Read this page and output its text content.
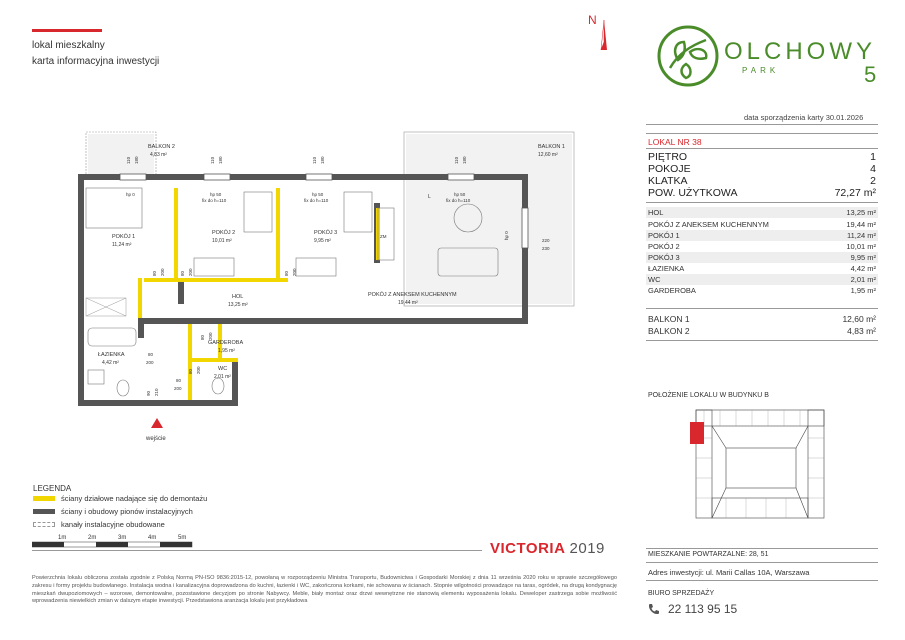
lokal mieszkalny
karta informacyjna inwestycji
N
OLCHOWY
PARK	5
data sporządzenia karty 30.01.2026
LOKAL NR 38
PIĘTRO	1
POKOJE	4
KLATKA	2
POW. UŻYTKOWA	72,27 m²
HOL	13,25 m²
POKÓJ Z ANEKSEM KUCHENNYM	19,44 m²
POKÓJ 1	11,24 m²
POKÓJ 2	10,01 m²
POKÓJ 3	9,95 m²
ŁAZIENKA	4,42 m²
WC	2,01 m²
GARDEROBA	1,95 m²
BALKON 1	12,60 m²
BALKON 2	4,83 m²
POŁOŻENIE LOKALU W BUDYNKU B
MIESZKANIE POWTARZALNE: 28, 51
Adres inwestycji: ul. Marii Callas 10A, Warszawa
BIURO SPRZEDAŻY
22 113 95 15
wejście
POKÓJ 1
11,24 m²
POKÓJ 2
10,01 m²
POKÓJ 3
9,95 m²
HOL
13,25 m²
POKÓJ Z ANEKSEM KUCHENNYM
19,44 m²
ŁAZIENKA
4,42 m²
GARDEROBA
1,95 m²
WC
2,01 m²
BALKON 2
4,83 m²
BALKON 1
12,60 m²
hp 0	hp 50
fix do h=110
hp 50
fix do h=110
hp 50
fix do h=110
ZM
L
hp 0
110 180	110 180	110 180	110 180
220
230
80 200	80 200	80 200
80 200
80
200
80
200
80 200
90 210
LEGENDA
ściany działowe nadające się do demontażu
ściany i obudowy pionów instalacyjnych
kanały instalacyjne obudowane
1m	2m	3m	4m	5m
VICTORIA 2019
Powierzchnia lokalu obliczona została zgodnie z Polską Normą PN-ISO 9836:2015-12, powołaną w rozporządzeniu Ministra Transportu, Budownictwa i Gospodarki Morskiej z dnia 11 września 2020 roku w sprawie szczegółowego zakresu i formy projektu budowlanego. Instalacja wodna i kanalizacyjna doprowadzona do kuchni, łazienki i WC, zakończona korkami, nie schowana w ścianach. Stopnie wilgotności prowadzące na taras, ogródek, na drugą kondygnację mieszkań dwupoziomowych – wzorowe, demontowalne, pozostawione decyzjom po stronie Nabywcy. Meble, biały montaż oraz drzwi wewnętrzne nie stanowią elementu wyposażenia lokalu. Deweloper zastrzega sobie możliwość wprowadzenia niewielkich zmian w dalszym etapie inwestycji. Przedstawiona aranżacja lokalu jest przykładowa
